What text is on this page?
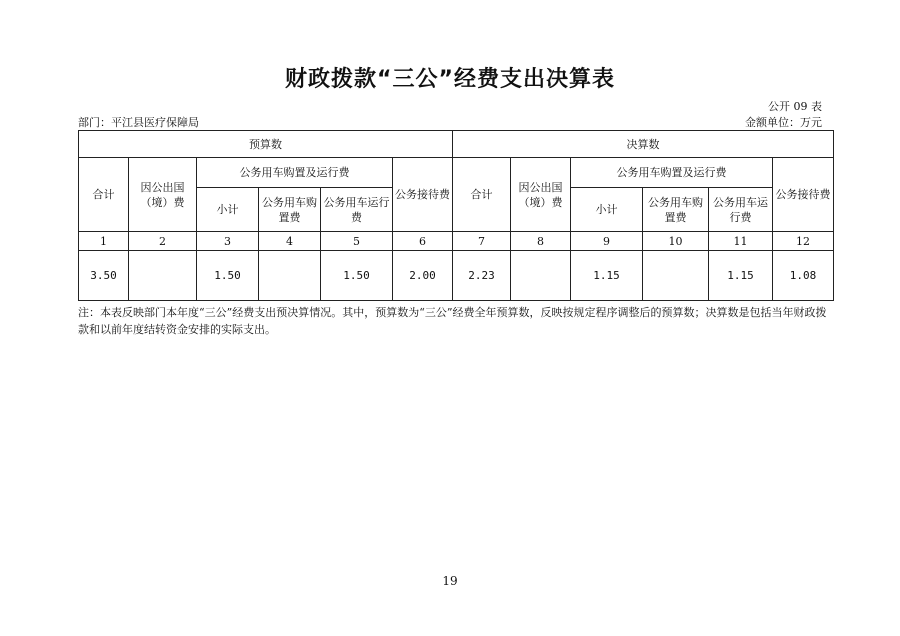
财政拨款“三公”经费支出决算表
公开 09 表
部门：平江县医疗保障局	金额单位：万元
预算数						决算数					
合计	因公出国（境）费	公务用车购置及运行费			公务接待费	合计	因公出国（境）费	公务用车购置及运行费			公务接待费
		小计	公务用车购置费	公务用车运行费				小计	公务用车购置费	公务用车运行费	
1	2	3	4	5	6	7	8	9	10	11	12
3.50		1.50		1.50	2.00	2.23		1.15		1.15	1.08
注：本表反映部门本年度“三公”经费支出预决算情况。其中，预算数为“三公”经费全年预算数，反映按规定程序调整后的预算数；决算数是包括当年财政拨款和以前年度结转资金安排的实际支出。
19
